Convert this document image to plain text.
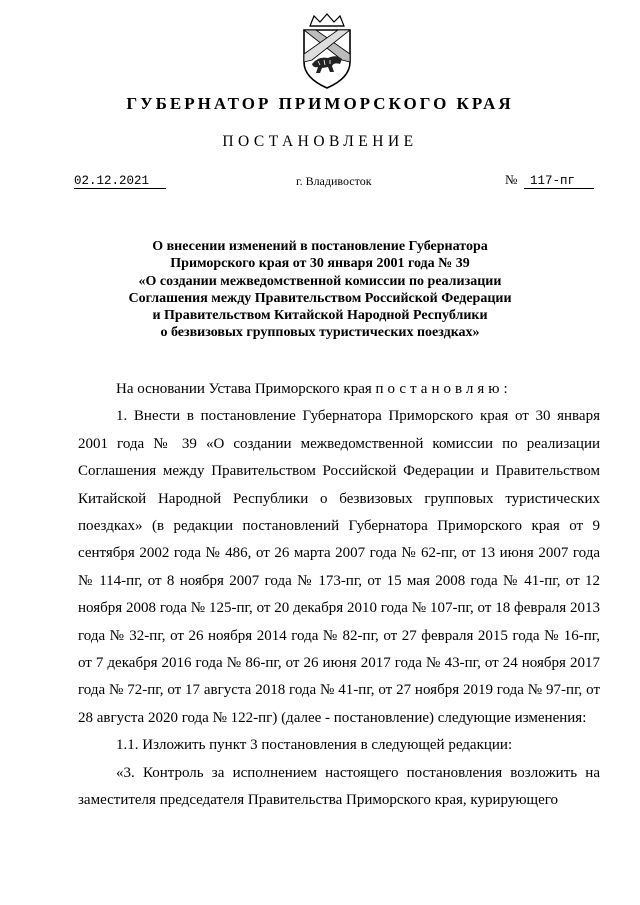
ГУБЕРНАТОР ПРИМОРСКОГО КРАЯ
ПОСТАНОВЛЕНИЕ
02.12.2021	г. Владивосток	№	117-пг
О внесении изменений в постановление Губернатора
Приморского края от 30 января 2001 года № 39
«О создании межведомственной комиссии по реализации
Соглашения между Правительством Российской Федерации
и Правительством Китайской Народной Республики
о безвизовых групповых туристических поездках»

На основании Устава Приморского края постановляю:

1. Внести в постановление Губернатора Приморского края от 30 января 2001 года № 39 «О создании межведомственной комиссии по реализации Соглашения между Правительством Российской Федерации и Правительством Китайской Народной Республики о безвизовых групповых туристических поездках» (в редакции постановлений Губернатора Приморского края от 9 сентября 2002 года № 486, от 26 марта 2007 года № 62-пг, от 13 июня 2007 года № 114-пг, от 8 ноября 2007 года № 173-пг, от 15 мая 2008 года № 41-пг, от 12 ноября 2008 года № 125-пг, от 20 декабря 2010 года № 107-пг, от 18 февраля 2013 года № 32-пг, от 26 ноября 2014 года № 82-пг, от 27 февраля 2015 года № 16-пг, от 7 декабря 2016 года № 86-пг, от 26 июня 2017 года № 43-пг, от 24 ноября 2017 года № 72-пг, от 17 августа 2018 года № 41-пг, от 27 ноября 2019 года № 97-пг, от 28 августа 2020 года № 122-пг) (далее - постановление) следующие изменения:

1.1. Изложить пункт 3 постановления в следующей редакции:

«3. Контроль за исполнением настоящего постановления возложить на заместителя председателя Правительства Приморского края, курирующего
